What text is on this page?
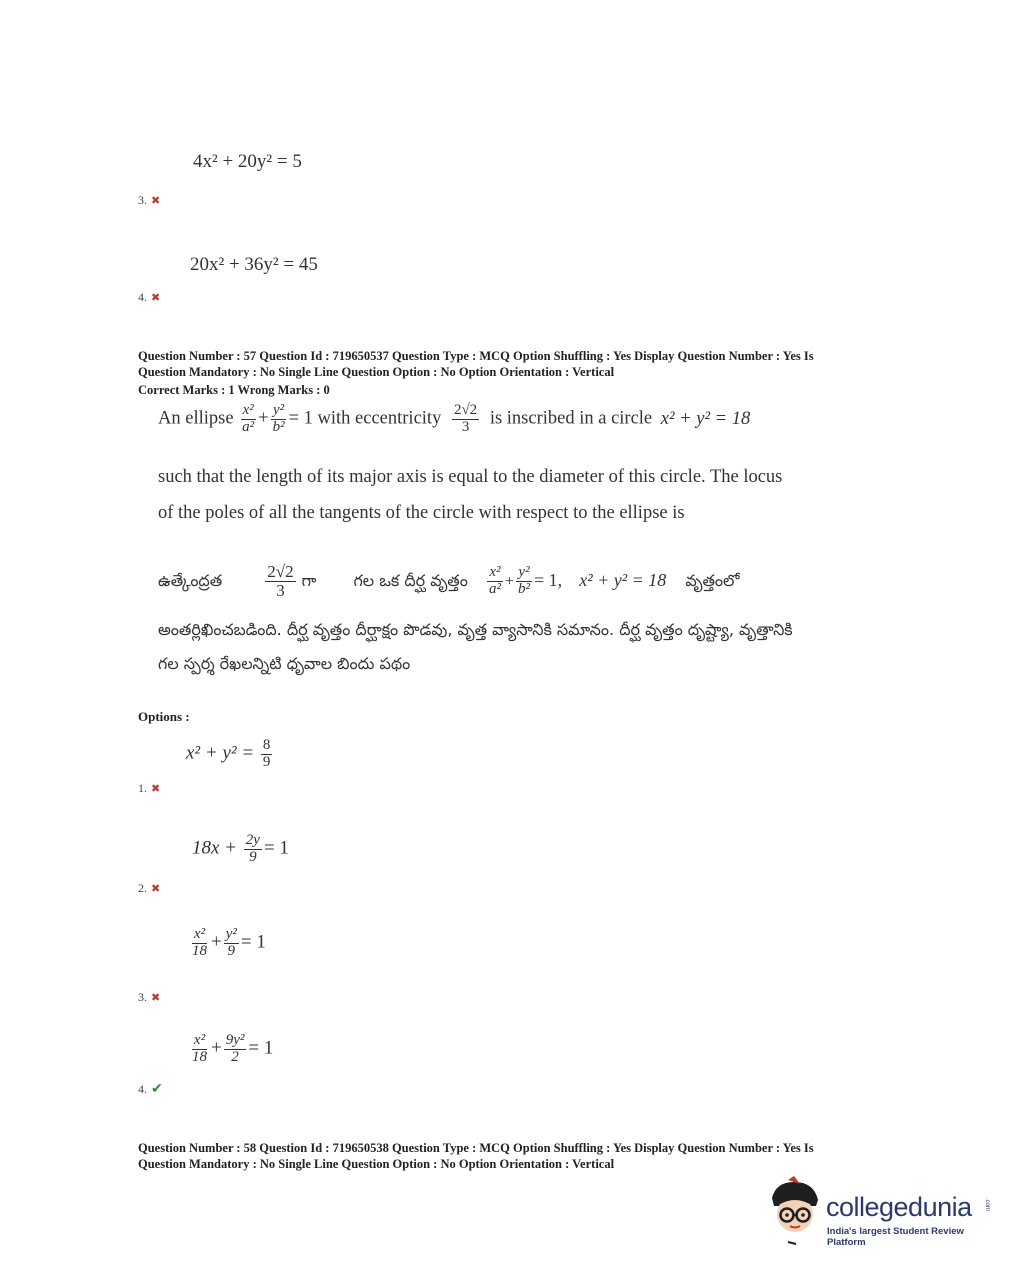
4x² + 20y² = 5
3. ✖
20x² + 36y² = 45
4. ✖
Question Number : 57 Question Id : 719650537 Question Type : MCQ Option Shuffling : Yes Display Question Number : Yes Is
Question Mandatory : No Single Line Question Option : No Option Orientation : Vertical
Correct Marks : 1 Wrong Marks : 0
An ellipse $\frac{\text{x²}}{\text{a²}} + \frac{\text{y²}}{\text{b²}} = 1$ with eccentricity $\frac{2√2}{3}$ is inscribed in a circle x² + y² = 18
such that the length of its major axis is equal to the diameter of this circle. The locus
of the poles of all the tangents of the circle with respect to the ellipse is
ఉత్కేంద్రత	$\frac{2√2}{3}$ గా గల ఒక దీర్ఘ వృత్తం $\frac{\text{x²}}{\text{a²}} + \frac{\text{y²}}{\text{b²}} = 1$, x² + y² = 18 వృత్తంలో
అంతర్లిఖించబడింది. దీర్ఘ వృత్తం దీర్ఘాక్షం పొడవు, వృత్త వ్యాసానికి సమానం. దీర్ఘ వృత్తం దృష్ట్యా, వృత్తానికి
గల స్పర్శ రేఖలన్నిటి ధృవాల బిందు పథం
Options :
$x^2 + y^2 = \frac{8}{9}$
1. ✖
$18x + \frac{2y}{9} = 1$
2. ✖
$\frac{\text{x²}}{18} + \frac{\text{y²}}{9} = 1$
3. ✖
$\frac{\text{x²}}{18} + \frac{\text{9y²}}{2} = 1$
4. ✔
Question Number : 58 Question Id : 719650538 Question Type : MCQ Option Shuffling : Yes Display Question Number : Yes Is
Question Mandatory : No Single Line Question Option : No Option Orientation : Vertical
collegedunia .com
India's largest Student Review Platform
